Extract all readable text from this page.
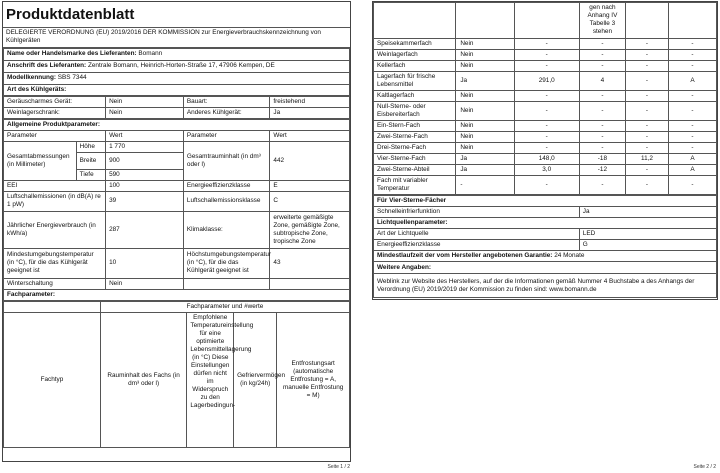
Produktdatenblatt
DELEGIERTE VERORDNUNG (EU) 2019/2016 DER KOMMISSION zur Energieverbrauchskennzeichnung von Kühlgeräten
Name oder Handelsmarke des Lieferanten: Bomann
Anschrift des Lieferanten: Zentrale Bomann, Heinrich-Horten-Straße 17, 47906 Kempen, DE
Modellkennung: SBS 7344
Art des Kühlgeräts:
Geräuscharmes Gerät:	Nein	Bauart:	freistehend
Weinlagerschrank:	Nein	Anderes Kühlgerät:	Ja
Allgemeine Produktparameter:				
Parameter		Wert	Parameter	Wert
Gesamtabmessungen (in Millimeter)	Höhe	1 770	Gesamtrauminhalt (in dm³ oder l)	442
	Breite	900		
	Tiefe	590		
EEI		100	Energieeffizienzklasse	E
Luftschallemissionen (in dB(A) re 1 pW)		39	Luftschallemissionsklasse	C
Jährlicher Energieverbrauch (in kWh/a)		287	Klimaklasse:	erweiterte gemäßigte Zone, gemäßigte Zone, subtropische Zone, tropische Zone
Mindestumgebungstemperatur (in °C), für die das Kühlgerät geeignet ist		10	Höchstumgebungstemperatur (in °C), für die das Kühlgerät geeignet ist	43
Winterschaltung		Nein		
Fachparameter:				
	Fachparameter und #werte			
Fachtyp	Rauminhalt des Fachs (in dm³ oder l)	Empfohlene Temperatureinstellung für eine optimierte Lebensmittellagerung (in °C) Diese Einstellungen dürfen nicht im Widerspruch zu den Lagerbedingun-	Gefriervermögen (in kg/24h)	Entfrostungsart (automatische Entfrostung = A, manuelle Entfrostung = M)
Seite 1 / 2
			gen nach Anhang IV Tabelle 3 stehen		
Speisekammerfach	Nein	-	-	-	-
Weinlagerfach	Nein	-	-	-	-
Kellerfach	Nein	-	-	-	-
Lagerfach für frische Lebensmittel	Ja	291,0	4	-	A
Kaltlagerfach	Nein	-	-	-	-
Null-Sterne- oder Eisbereiterfach	Nein	-	-	-	-
Ein-Stern-Fach	Nein	-	-	-	-
Zwei-Sterne-Fach	Nein	-	-	-	-
Drei-Sterne-Fach	Nein	-	-	-	-
Vier-Sterne-Fach	Ja	148,0	-18	11,2	A
Zwei-Sterne-Abteil	Ja	3,0	-12	-	A
Fach mit variabler Temperatur	-	-	-	-	-
Für Vier-Sterne-Fächer	
Schnelleinfrierfunktion	Ja
Lichtquellenparameter:	
Art der Lichtquelle	LED
Energieeffizienzklasse	G
Mindestlaufzeit der vom Hersteller angebotenen Garantie: 24 Monate	
Weitere Angaben:	
Weblink zur Website des Herstellers, auf der die Informationen gemäß Nummer 4 Buchstabe a des Anhangs der Verordnung (EU) 2019/2019 der Kommission zu finden sind: www.bomann.de	
Seite 2 / 2
